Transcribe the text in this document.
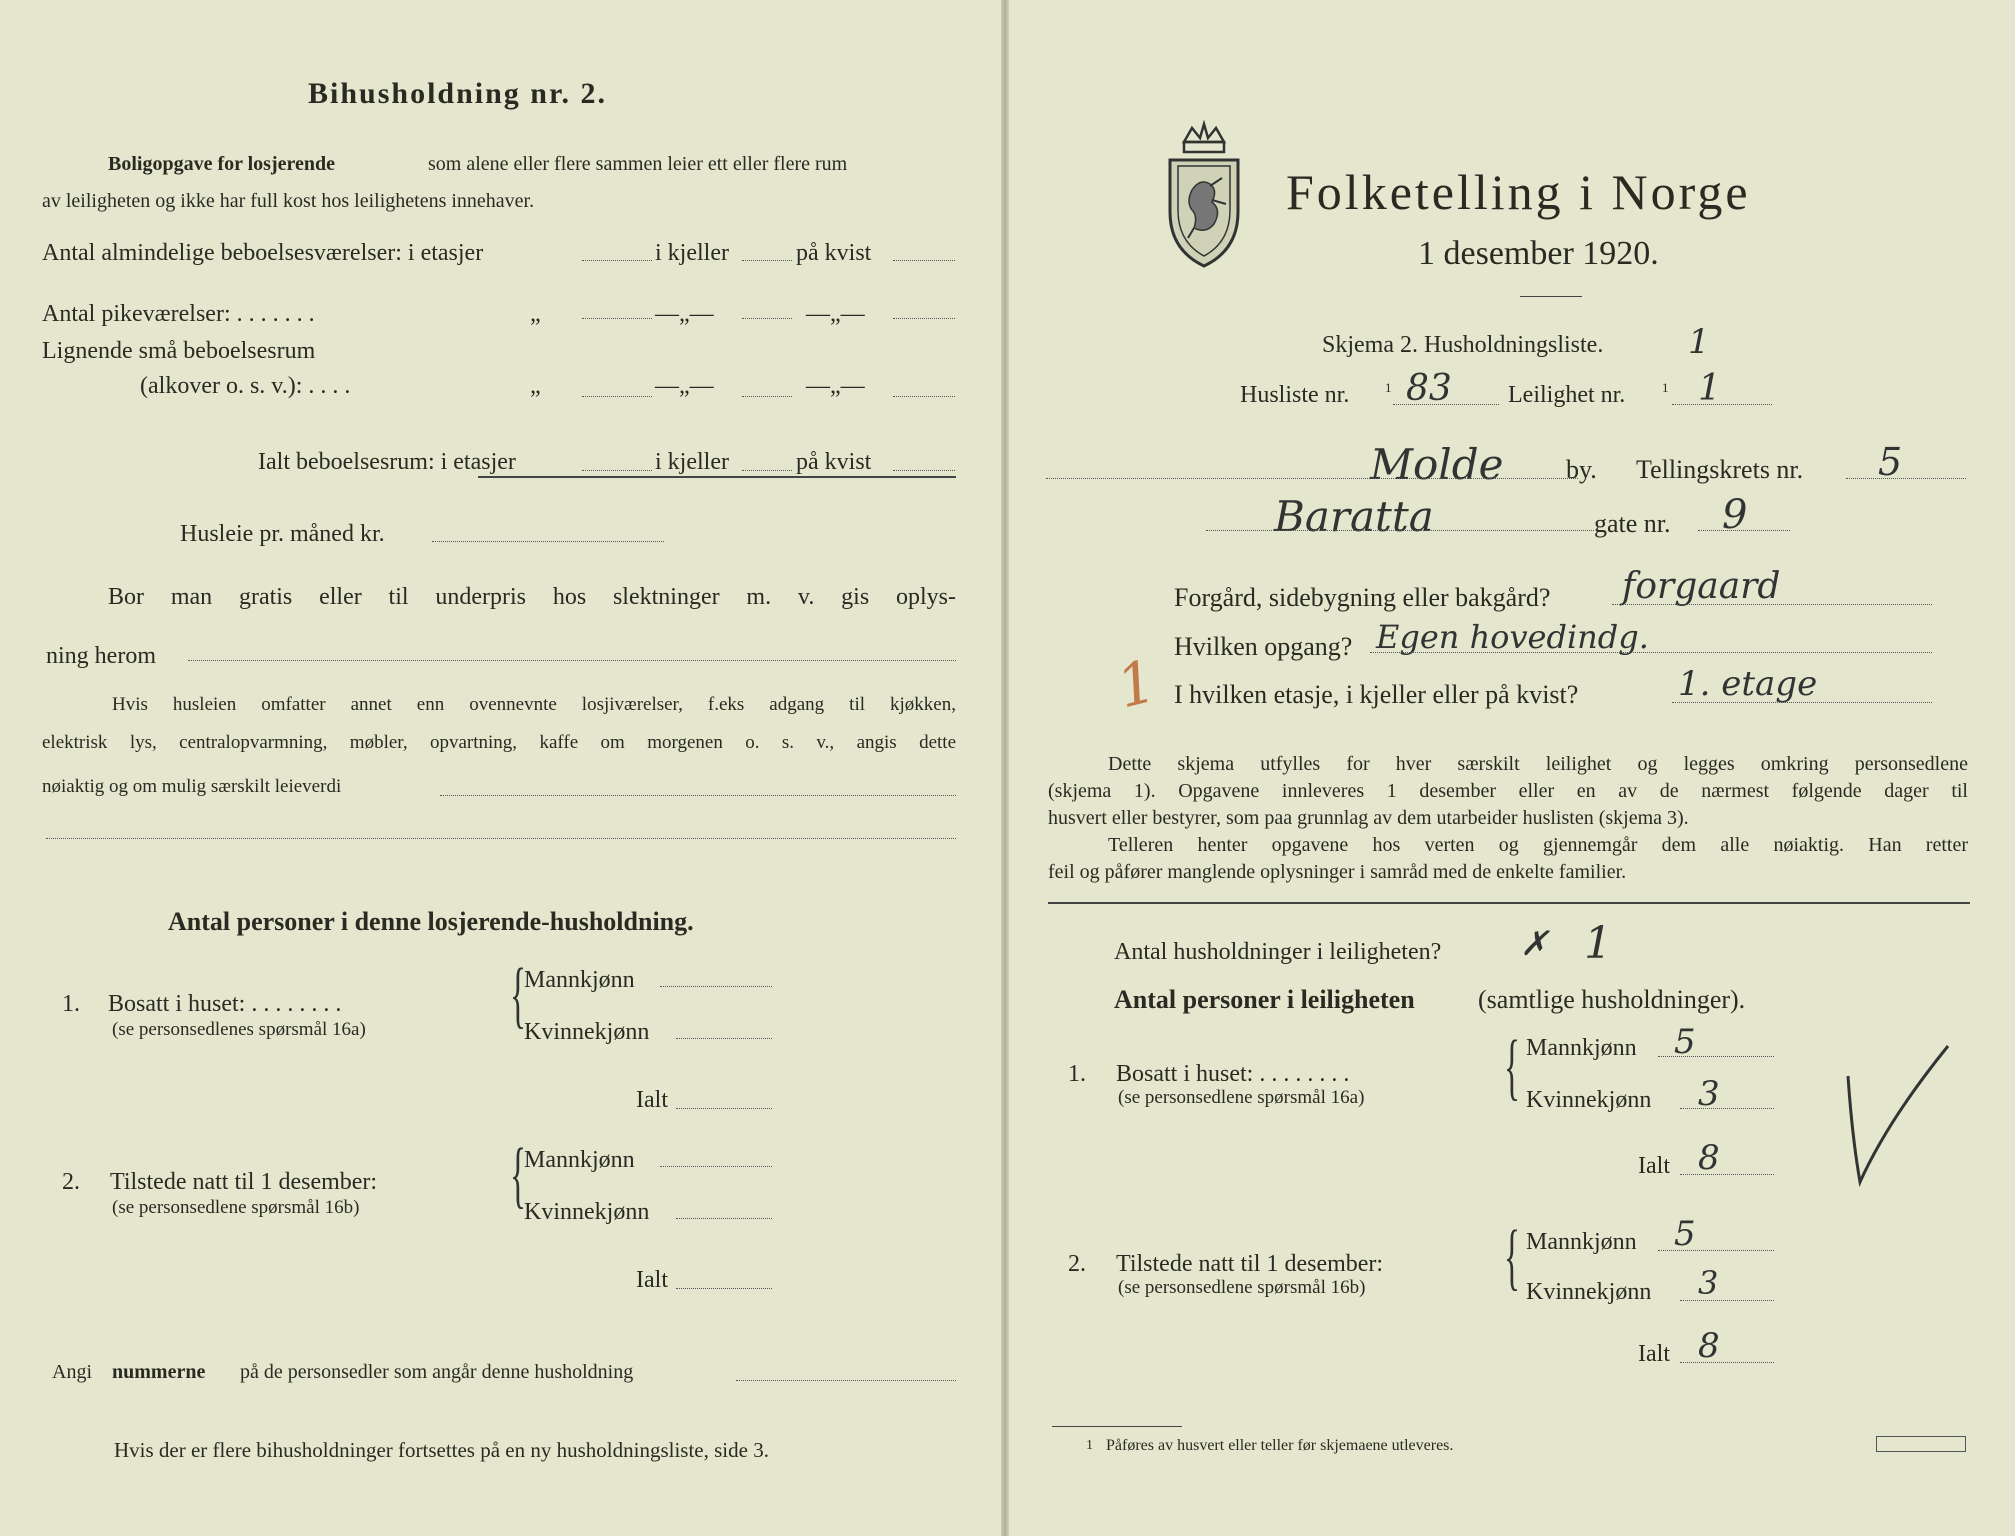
Bihusholdning nr. 2.
Boligopgave for losjerende	som alene eller flere sammen leier ett eller flere rum
av leiligheten og ikke har full kost hos leilighetens innehaver.
Antal almindelige beboelsesværelser: i etasjer	i kjeller	på kvist
Antal pikeværelser: . . . . . . .	„	—„—	—„—
Lignende små beboelsesrum
(alkover o. s. v.): . . . .	„	—„—	—„—
Ialt beboelsesrum: i etasjer	i kjeller	på kvist
Husleie pr. måned kr.
Bor man gratis eller til underpris hos slektninger m. v. gis oplys-
ning herom
Hvis husleien omfatter annet enn ovennevnte losjiværelser, f.eks adgang til kjøkken,
elektrisk lys, centralopvarmning, møbler, opvartning, kaffe om morgenen o. s. v., angis dette
nøiaktig og om mulig særskilt leieverdi
Antal personer i denne losjerende-husholdning.
1. Bosatt i huset: . . . . . . . .
(se personsedlenes spørsmål 16a) {
Mannkjønn
Kvinnekjønn
Ialt
2. Tilstede natt til 1 desember:
(se personsedlene spørsmål 16b) {
Mannkjønn
Kvinnekjønn
Ialt
Angi nummerne på de personsedler som angår denne husholdning
Hvis der er flere bihusholdninger fortsettes på en ny husholdningsliste, side 3.
Folketelling i Norge
1 desember 1920.
Skjema 2. Husholdningsliste. 1
Husliste nr.	1 83 Leilighet nr.	1 1
Molde by. Tellingskrets nr. 5
Baratta	gate nr. 9
Forgård, sidebygning eller bakgård? forgaard
Hvilken opgang? Egen hovedindg.
1 I hvilken etasje, i kjeller eller på kvist?	1. etage
Dette skjema utfylles for hver særskilt leilighet og legges omkring personsedlene
(skjema 1). Opgavene innleveres 1 desember eller en av de nærmest følgende dager til
husvert eller bestyrer, som paa grunnlag av dem utarbeider huslisten (skjema 3).
Telleren henter opgavene hos verten og gjennemgår dem alle nøiaktig. Han retter
feil og påfører manglende oplysninger i samråd med de enkelte familier.
Antal husholdninger i leiligheten? ✗ 1
Antal personer i leiligheten (samtlige husholdninger).
1. Bosatt i huset: . . . . . . . .
(se personsedlene spørsmål 16a) { Mannkjønn 5
Kvinnekjønn 3
Ialt 8
2. Tilstede natt til 1 desember:
(se personsedlene spørsmål 16b) { Mannkjønn 5
Kvinnekjønn 3
Ialt 8
1 Påføres av husvert eller teller før skjemaene utleveres.
